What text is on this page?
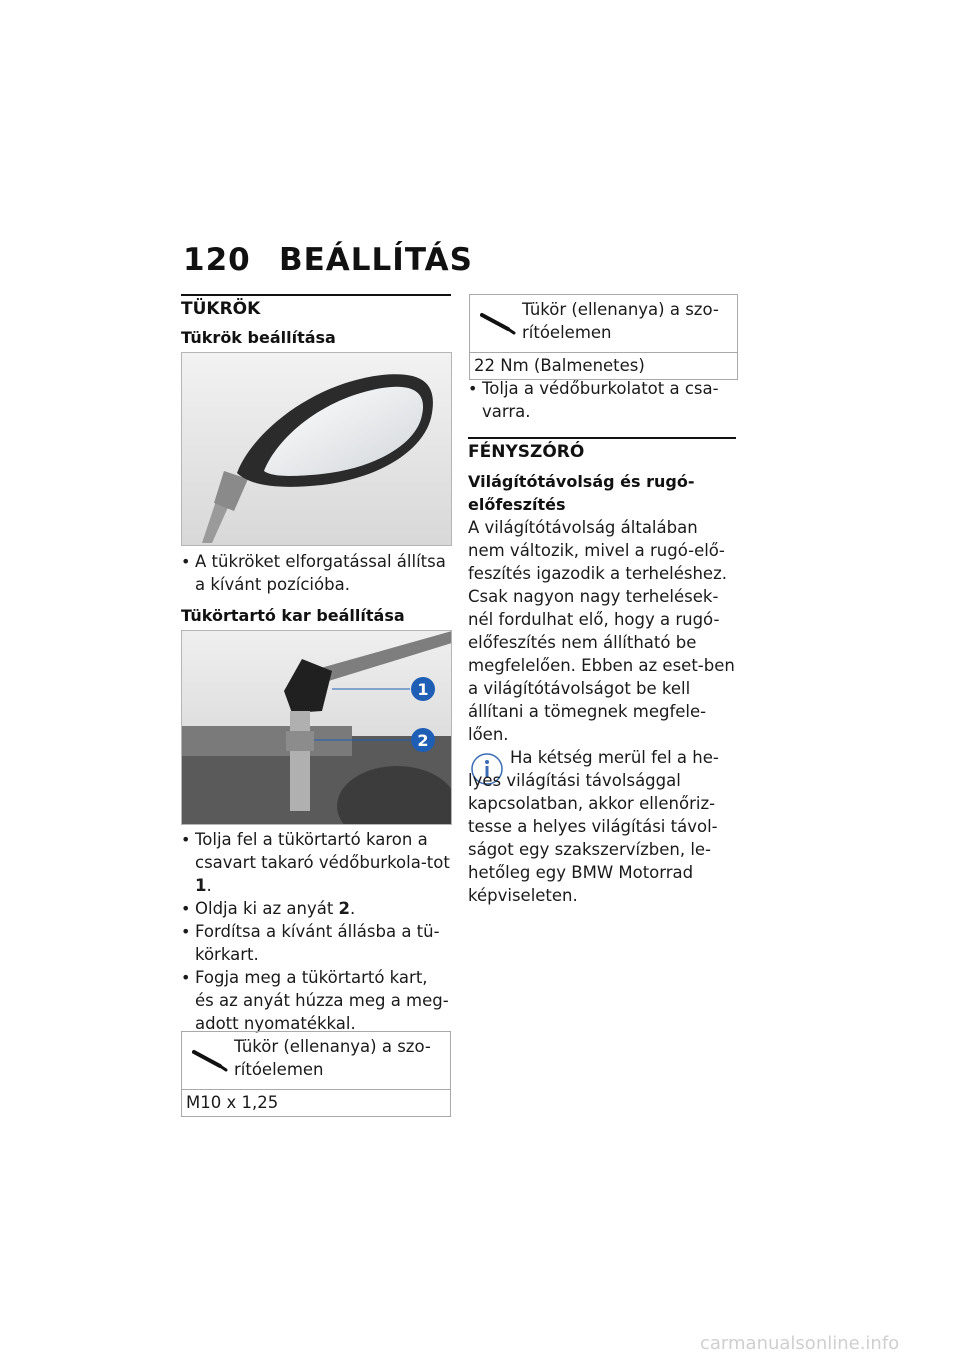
120 BEÁLLÍTÁS
TÜKRÖK
Tükrök beállítása
• A tükröket elforgatással állítsa a kívánt pozícióba.
Tükörtartó kar beállítása
1
2
• Tolja fel a tükörtartó karon a csavart takaró védőburkola-tot 1.
• Oldja ki az anyát 2.
• Fordítsa a kívánt állásba a tü-körkart.
• Fogja meg a tükörtartó kart, és az anyát húzza meg a meg-adott nyomatékkal.
Tükör (ellenanya) a szo-rítóelemen
M10 x 1,25
Tükör (ellenanya) a szo-rítóelemen
22 Nm (Balmenetes)
• Tolja a védőburkolatot a csa-varra.
FÉNYSZÓRÓ
Világítótávolság és rugó-előfeszítés
A világítótávolság általában nem változik, mivel a rugó-elő-feszítés igazodik a terheléshez. Csak nagyon nagy terhelések-nél fordulhat elő, hogy a rugó-előfeszítés nem állítható be megfelelően. Ebben az eset-ben a világítótávolságot be kell állítani a tömegnek megfele-lően.
Ha kétség merül fel a he-lyes világítási távolsággal kapcsolatban, akkor ellenőriz-tesse a helyes világítási távol-ságot egy szakszervízben, le-hetőleg egy BMW Motorrad képviseleten.
carmanualsonline.info
